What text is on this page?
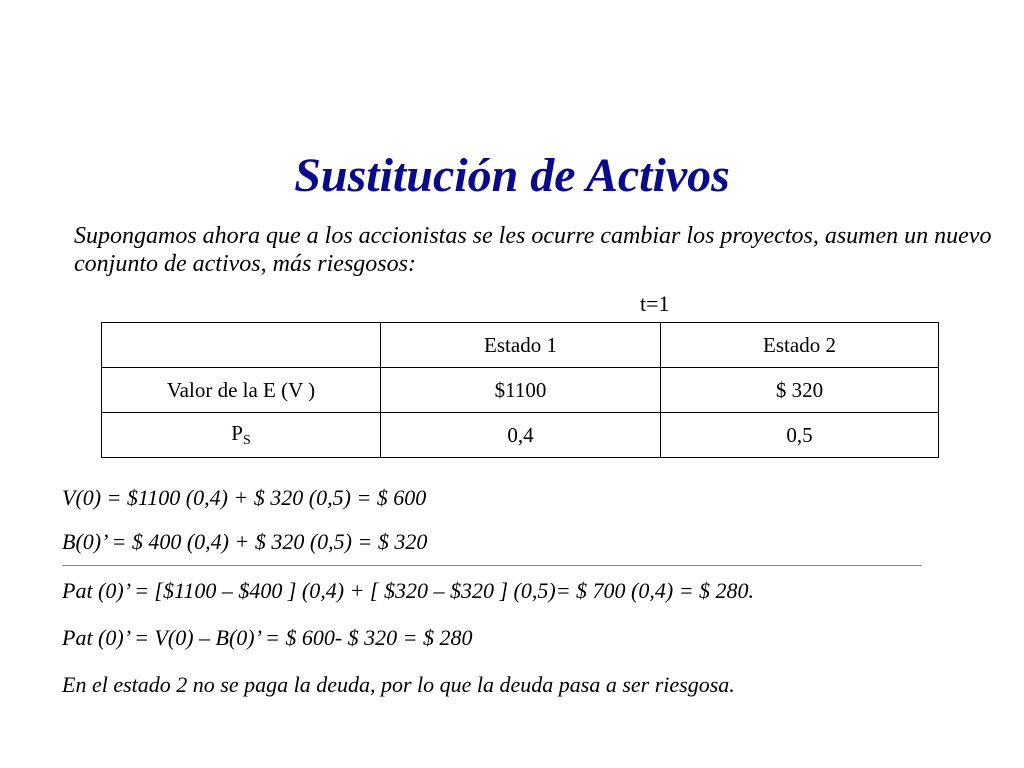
Sustitución de Activos
Supongamos ahora que a los accionistas se les ocurre cambiar los proyectos, asumen un nuevo conjunto de activos, más riesgosos:
t=1
	Estado 1	Estado 2
Valor de la E (V )	$1100	$ 320
$P_S$	0,4	0,5
V(0) = $1100 (0,4) + $ 320 (0,5) = $ 600
B(0)’ = $ 400 (0,4) + $ 320 (0,5) = $ 320
Pat (0)’ = [$1100 – $400 ] (0,4) + [ $320 – $320 ] (0,5)= $ 700 (0,4) = $ 280.
Pat (0)’ = V(0) – B(0)’ = $ 600- $ 320 = $ 280
En el estado 2 no se paga la deuda, por lo que la deuda pasa a ser riesgosa.
